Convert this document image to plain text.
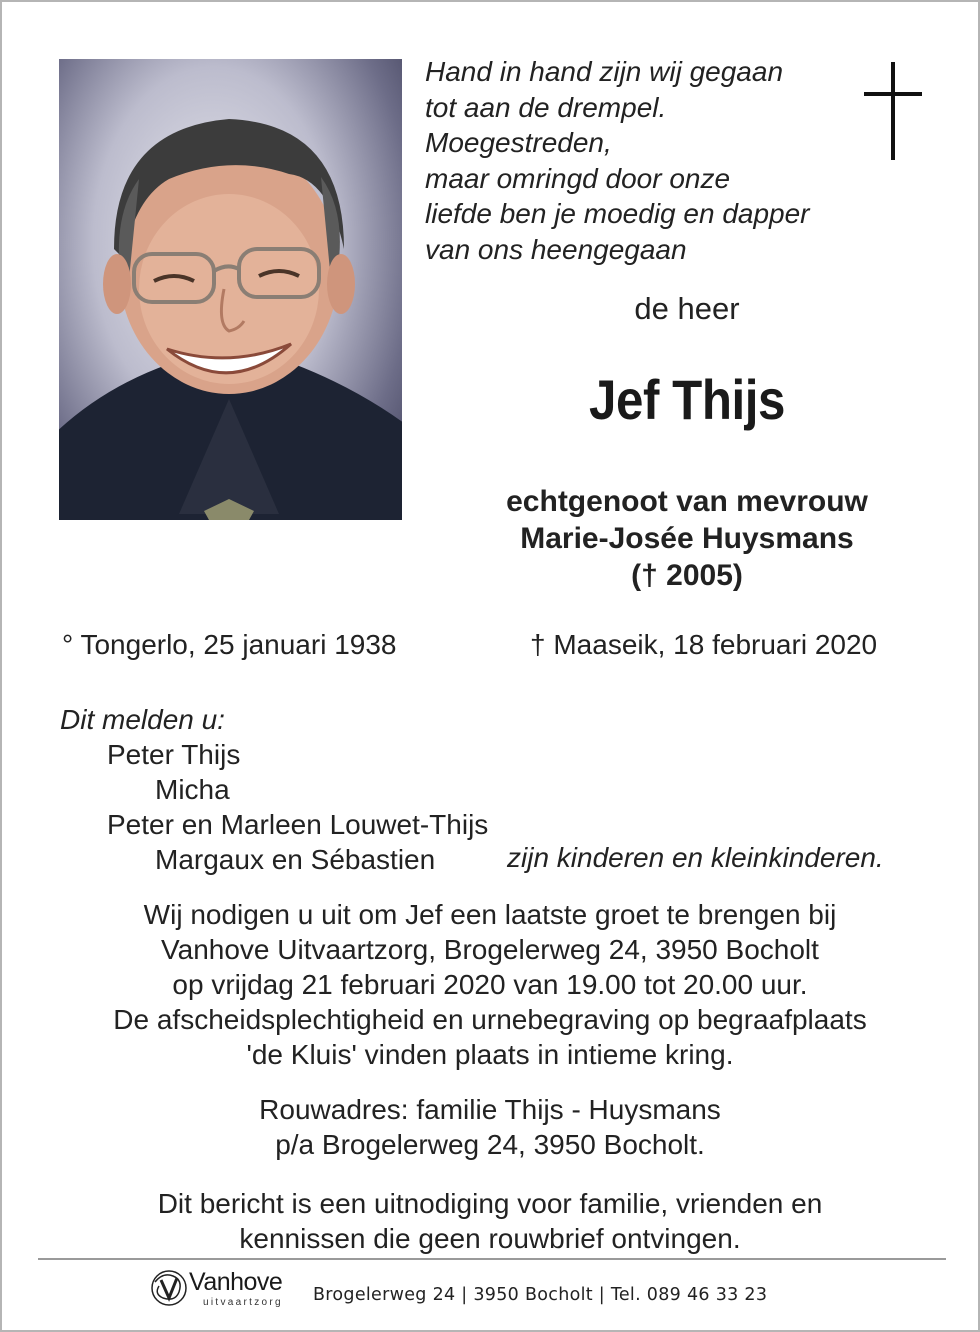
Hand in hand zijn wij gegaan
tot aan de drempel.
Moegestreden,
maar omringd door onze
liefde ben je moedig en dapper
van ons heengegaan
de heer
Jef Thijs
echtgenoot van mevrouw
Marie-Josée Huysmans
(† 2005)
° Tongerlo, 25 januari 1938	† Maaseik, 18 februari 2020
Dit melden u:
Peter Thijs
Micha
Peter en Marleen Louwet-Thijs
Margaux en Sébastien	zijn kinderen en kleinkinderen.
Wij nodigen u uit om Jef een laatste groet te brengen bij
Vanhove Uitvaartzorg, Brogelerweg 24, 3950 Bocholt
op vrijdag 21 februari 2020 van 19.00 tot 20.00 uur.
De afscheidsplechtigheid en urnebegraving op begraafplaats
'de Kluis' vinden plaats in intieme kring.
Rouwadres: familie Thijs - Huysmans
p/a Brogelerweg 24, 3950 Bocholt.
Dit bericht is een uitnodiging voor familie, vrienden en
kennissen die geen rouwbrief ontvingen.
Vanhove
uitvaartzorg Brogelerweg 24 | 3950 Bocholt | Tel. 089 46 33 23
